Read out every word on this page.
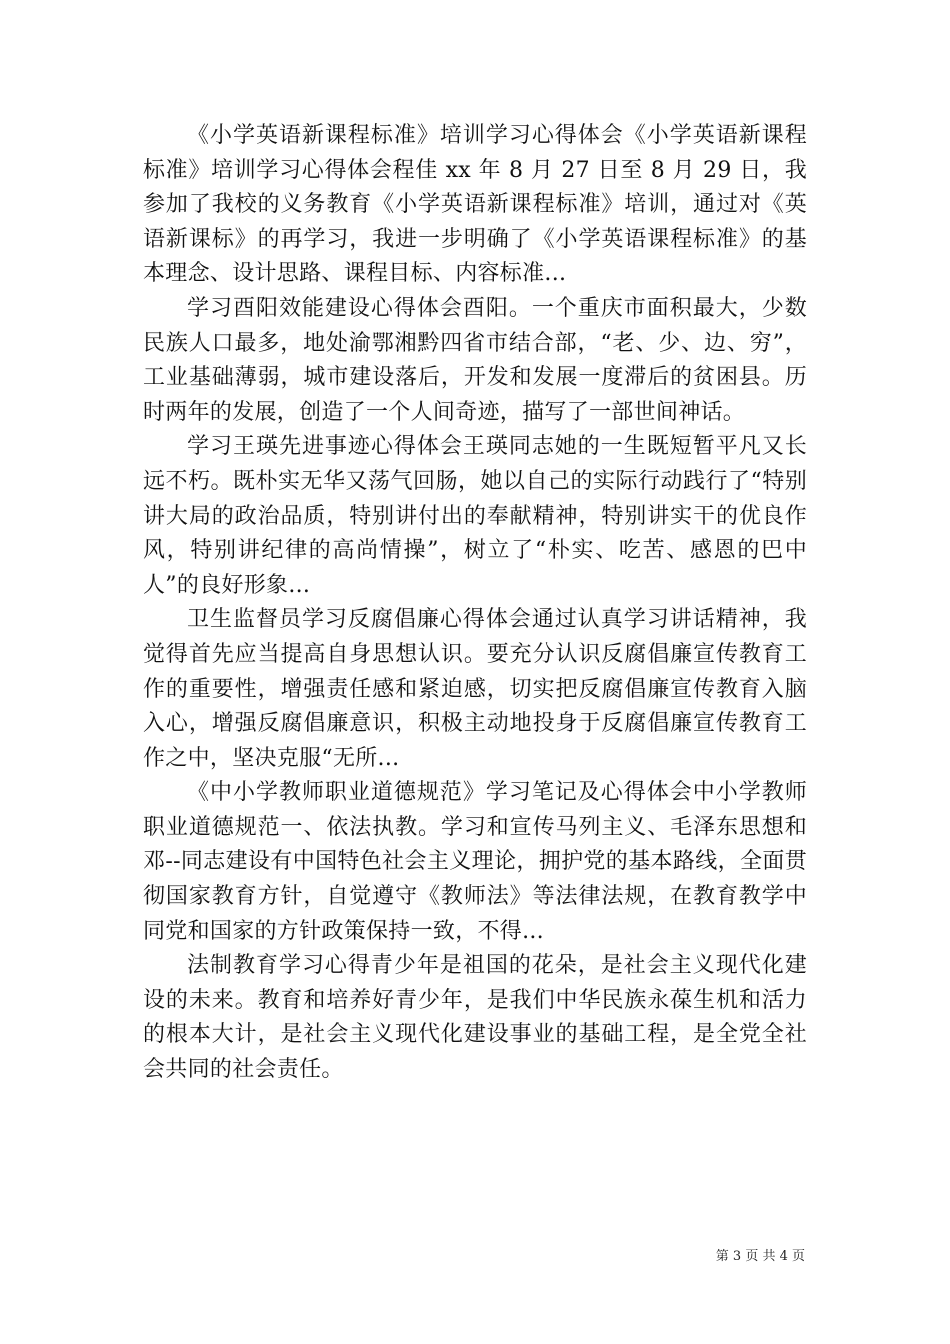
《小学英语新课程标准》培训学习心得体会《小学英语新课程标准》培训学习心得体会程佳 xx 年 8 月 27 日至 8 月 29 日，我参加了我校的义务教育《小学英语新课程标准》培训，通过对《英语新课标》的再学习，我进一步明确了《小学英语课程标准》的基本理念、设计思路、课程目标、内容标准...

学习酉阳效能建设心得体会酉阳。一个重庆市面积最大，少数民族人口最多，地处渝鄂湘黔四省市结合部，“老、少、边、穷”，工业基础薄弱，城市建设落后，开发和发展一度滞后的贫困县。历时两年的发展，创造了一个人间奇迹，描写了一部世间神话。

学习王瑛先进事迹心得体会王瑛同志她的一生既短暂平凡又长远不朽。既朴实无华又荡气回肠，她以自己的实际行动践行了“特别讲大局的政治品质，特别讲付出的奉献精神，特别讲实干的优良作风，特别讲纪律的高尚情操”，树立了“朴实、吃苦、感恩的巴中人”的良好形象...

卫生监督员学习反腐倡廉心得体会通过认真学习讲话精神，我觉得首先应当提高自身思想认识。要充分认识反腐倡廉宣传教育工作的重要性，增强责任感和紧迫感，切实把反腐倡廉宣传教育入脑入心，增强反腐倡廉意识，积极主动地投身于反腐倡廉宣传教育工作之中，坚决克服“无所...

《中小学教师职业道德规范》学习笔记及心得体会中小学教师职业道德规范一、依法执教。学习和宣传马列主义、毛泽东思想和邓--同志建设有中国特色社会主义理论，拥护党的基本路线，全面贯彻国家教育方针，自觉遵守《教师法》等法律法规，在教育教学中同党和国家的方针政策保持一致，不得...

法制教育学习心得青少年是祖国的花朵，是社会主义现代化建设的未来。教育和培养好青少年，是我们中华民族永葆生机和活力的根本大计，是社会主义现代化建设事业的基础工程，是全党全社会共同的社会责任。

第 3 页 共 4 页
